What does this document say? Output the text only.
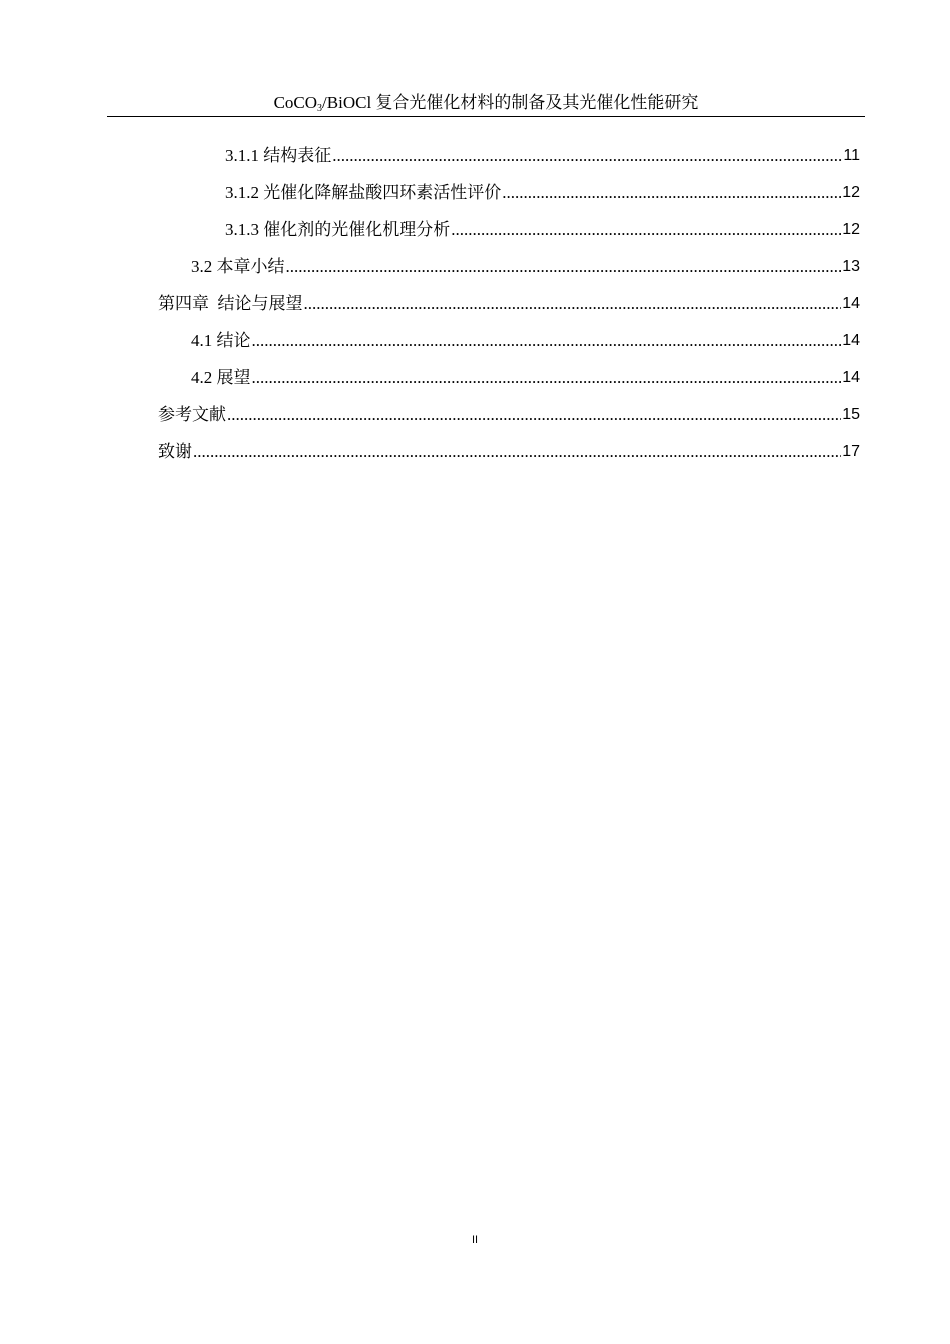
CoCO$_3$/BiOCl 复合光催化材料的制备及其光催化性能研究
3.1.1 结构表征 .....	11
3.1.2 光催化降解盐酸四环素活性评价 .....	12
3.1.3 催化剂的光催化机理分析 .....	12
3.2 本章小结 .....	13
第四章  结论与展望 .....	14
4.1 结论 .....	14
4.2 展望 .....	14
参考文献 .....	15
致谢 .....	17
II
